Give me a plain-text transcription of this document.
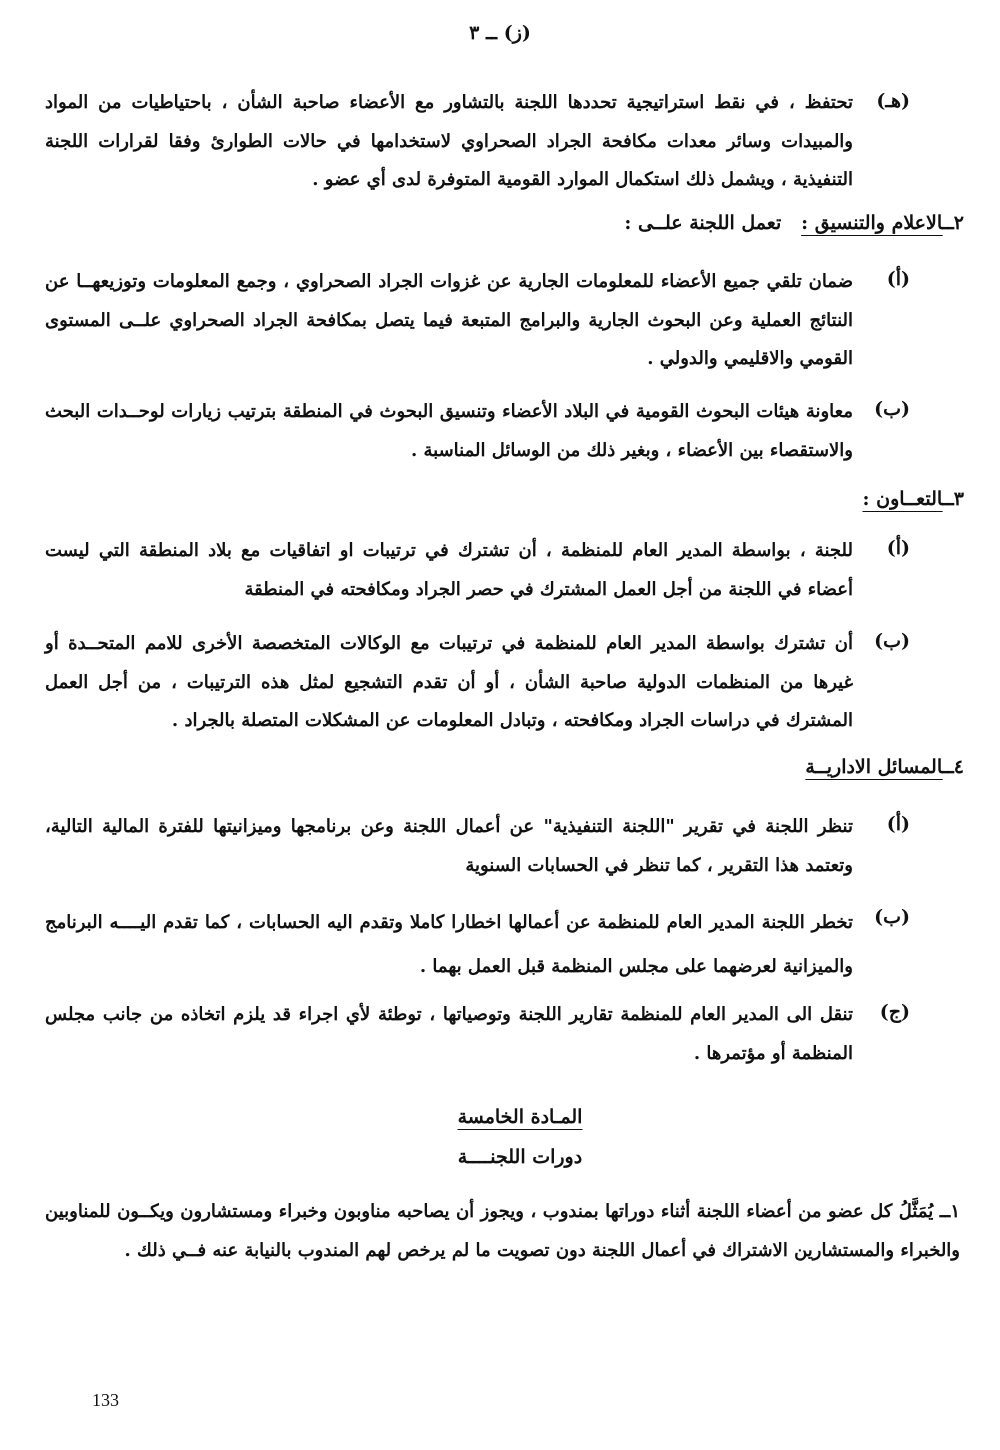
(ز) ــ ٣
(هـ)
تحتفظ ، في نقط استراتيجية تحددها اللجنة بالتشاور مع الأعضاء صاحبة الشأن ، باحتياطيات من المواد والمبيدات وسائر معدات مكافحة الجراد الصحراوي لاستخدامها في حالات الطوارئ وفقا لقرارات اللجنة التنفيذية ، ويشمل ذلك استكمال الموارد القومية المتوفرة لدى أي عضو .
٢ــالاعلام والتنسيق :   تعمل اللجنة علــى :
(أ)
ضمان تلقي جميع الأعضاء للمعلومات الجارية عن غزوات الجراد الصحراوي ، وجمع المعلومات وتوزيعهــا عن النتائج العملية وعن البحوث الجارية والبرامج المتبعة فيما يتصل بمكافحة الجراد الصحراوي علــى المستوى القومي والاقليمي والدولي .
(ب)
معاونة هيئات البحوث القومية في البلاد الأعضاء وتنسيق البحوث في المنطقة بترتيب زيارات لوحــدات البحث والاستقصاء بين الأعضاء ، وبغير ذلك من الوسائل المناسبة .
٣ــالتعــاون :
(أ)
للجنة ، بواسطة المدير العام للمنظمة ، أن تشترك في ترتيبات او اتفاقيات مع بلاد المنطقة التي ليست أعضاء في اللجنة من أجل العمل المشترك في حصر الجراد ومكافحته في المنطقة
(ب)
أن تشترك بواسطة المدير العام للمنظمة في ترتيبات مع الوكالات المتخصصة الأخرى للامم المتحــدة أو غيرها من المنظمات الدولية صاحبة الشأن ، أو أن تقدم التشجيع لمثل هذه الترتيبات ، من أجل العمل المشترك في دراسات الجراد ومكافحته ، وتبادل المعلومات عن المشكلات المتصلة بالجراد .
٤ــالمسائل الاداريــة
(أ)
تنظر اللجنة في تقرير "اللجنة التنفيذية" عن أعمال اللجنة وعن برنامجها وميزانيتها للفترة المالية التالية، وتعتمد هذا التقرير ، كما تنظر في الحسابات السنوية
(ب)
تخطر اللجنة المدير العام للمنظمة عن أعمالها اخطارا كاملا وتقدم اليه الحسابات ، كما تقدم اليــــه البرنامج والميزانية لعرضهما على مجلس المنظمة قبل العمل بهما .
(ج)
تنقل الى المدير العام للمنظمة تقارير اللجنة وتوصياتها ، توطئة لأي اجراء قد يلزم اتخاذه من جانب مجلس المنظمة أو مؤتمرها .
المـادة الخامسة
دورات اللجنــــة
١ــ يُمَثَّلُ كل عضو من أعضاء اللجنة أثناء دوراتها بمندوب ، ويجوز أن يصاحبه مناوبون وخبراء ومستشارون ويكــون للمناوبين والخبراء والمستشارين الاشتراك في أعمال اللجنة دون تصويت ما لم يرخص لهم المندوب بالنيابة عنه فــي ذلك .
133
